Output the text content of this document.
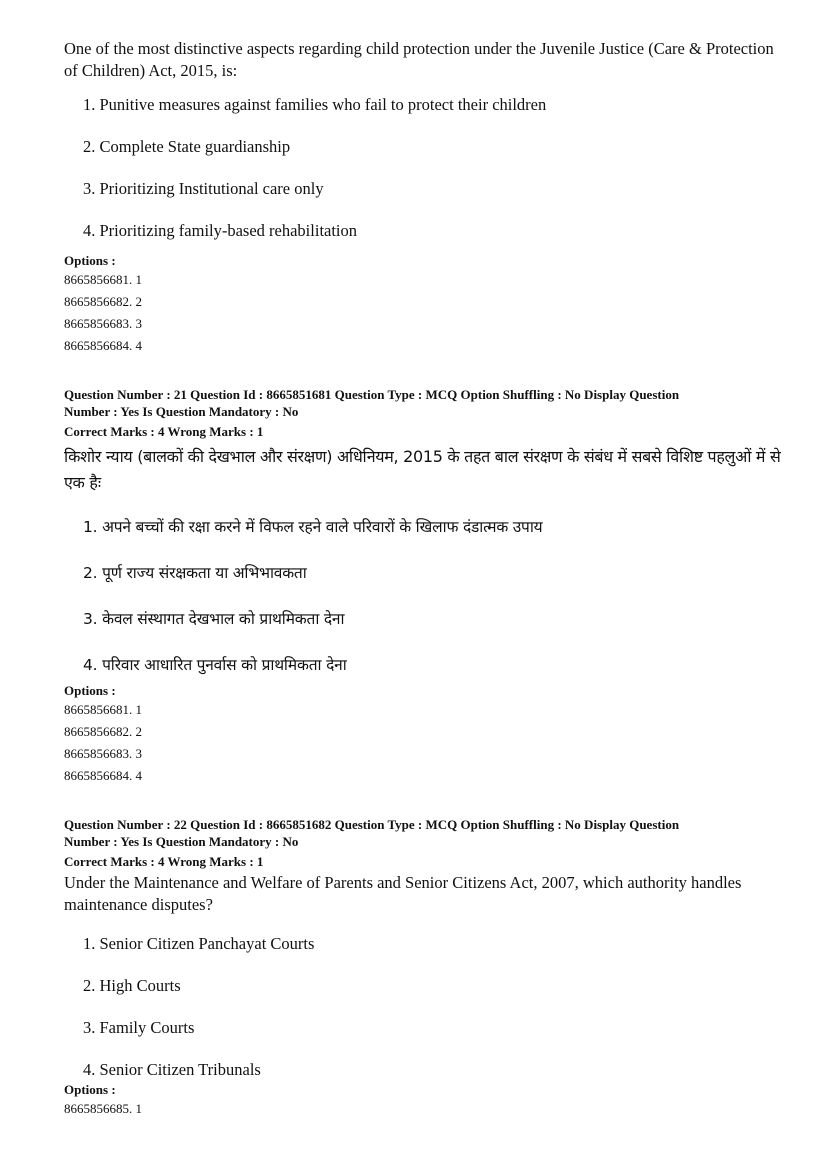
One of the most distinctive aspects regarding child protection under the Juvenile Justice (Care & Protection of Children) Act, 2015, is:

1. Punitive measures against families who fail to protect their children
2. Complete State guardianship
3. Prioritizing Institutional care only
4. Prioritizing family-based rehabilitation

Options :

8665856681. 1

8665856682. 2

8665856683. 3

8665856684. 4

Question Number : 21 Question Id : 8665851681 Question Type : MCQ Option Shuffling : No Display Question

Number : Yes Is Question Mandatory : No

Correct Marks : 4 Wrong Marks : 1

किशोर न्याय (बालकों की देखभाल और संरक्षण) अधिनियम, 2015 के तहत बाल संरक्षण के संबंध में सबसे विशिष्ट पहलुओं में से एक हैः

1. अपने बच्चों की रक्षा करने में विफल रहने वाले परिवारों के खिलाफ दंडात्मक उपाय
2. पूर्ण राज्य संरक्षकता या अभिभावकता
3. केवल संस्थागत देखभाल को प्राथमिकता देना
4. परिवार आधारित पुनर्वास को प्राथमिकता देना

Options :

8665856681. 1

8665856682. 2

8665856683. 3

8665856684. 4

Question Number : 22 Question Id : 8665851682 Question Type : MCQ Option Shuffling : No Display Question

Number : Yes Is Question Mandatory : No

Correct Marks : 4 Wrong Marks : 1

Under the Maintenance and Welfare of Parents and Senior Citizens Act, 2007, which authority handles maintenance disputes?

1. Senior Citizen Panchayat Courts
2. High Courts
3. Family Courts
4. Senior Citizen Tribunals

Options :

8665856685. 1
